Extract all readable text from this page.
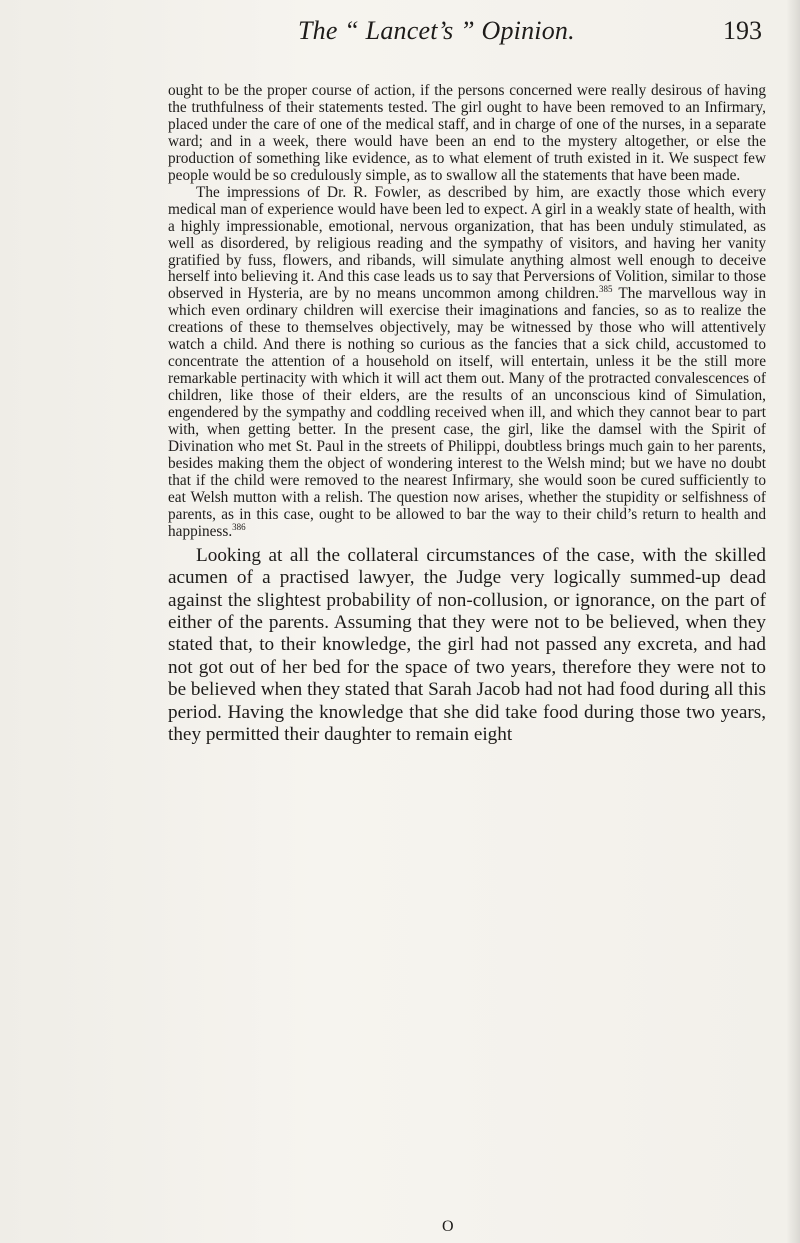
The “ Lancet’s ” Opinion.	193

ought to be the proper course of action, if the persons concerned were really desirous of having the truthfulness of their statements tested. The girl ought to have been removed to an Infirmary, placed under the care of one of the medical staff, and in charge of one of the nurses, in a separate ward; and in a week, there would have been an end to the mystery altogether, or else the production of something like evidence, as to what element of truth existed in it. We suspect few people would be so credulously simple, as to swallow all the statements that have been made.

The impressions of Dr. R. Fowler, as described by him, are exactly those which every medical man of experience would have been led to expect. A girl in a weakly state of health, with a highly impressionable, emotional, nervous organization, that has been unduly stimulated, as well as disordered, by religious reading and the sympathy of visitors, and having her vanity gratified by fuss, flowers, and ribands, will simulate anything almost well enough to deceive herself into believing it. And this case leads us to say that Perversions of Volition, similar to those observed in Hysteria, are by no means uncommon among children.$^{385}$ The marvellous way in which even ordinary children will exercise their imaginations and fancies, so as to realize the creations of these to themselves objectively, may be witnessed by those who will attentively watch a child. And there is nothing so curious as the fancies that a sick child, accustomed to concentrate the attention of a household on itself, will entertain, unless it be the still more remarkable pertinacity with which it will act them out. Many of the protracted convalescences of children, like those of their elders, are the results of an unconscious kind of Simulation, engendered by the sympathy and coddling received when ill, and which they cannot bear to part with, when getting better. In the present case, the girl, like the damsel with the Spirit of Divination who met St. Paul in the streets of Philippi, doubtless brings much gain to her parents, besides making them the object of wondering interest to the Welsh mind; but we have no doubt that if the child were removed to the nearest Infirmary, she would soon be cured sufficiently to eat Welsh mutton with a relish. The question now arises, whether the stupidity or selfishness of parents, as in this case, ought to be allowed to bar the way to their child’s return to health and happiness.$^{386}$

Looking at all the collateral circumstances of the case, with the skilled acumen of a practised lawyer, the Judge very logically summed-up dead against the slightest probability of non-collusion, or ignorance, on the part of either of the parents. Assuming that they were not to be believed, when they stated that, to their knowledge, the girl had not passed any excreta, and had not got out of her bed for the space of two years, therefore they were not to be believed when they stated that Sarah Jacob had not had food during all this period. Having the knowledge that she did take food during those two years, they permitted their daughter to remain eight

O
